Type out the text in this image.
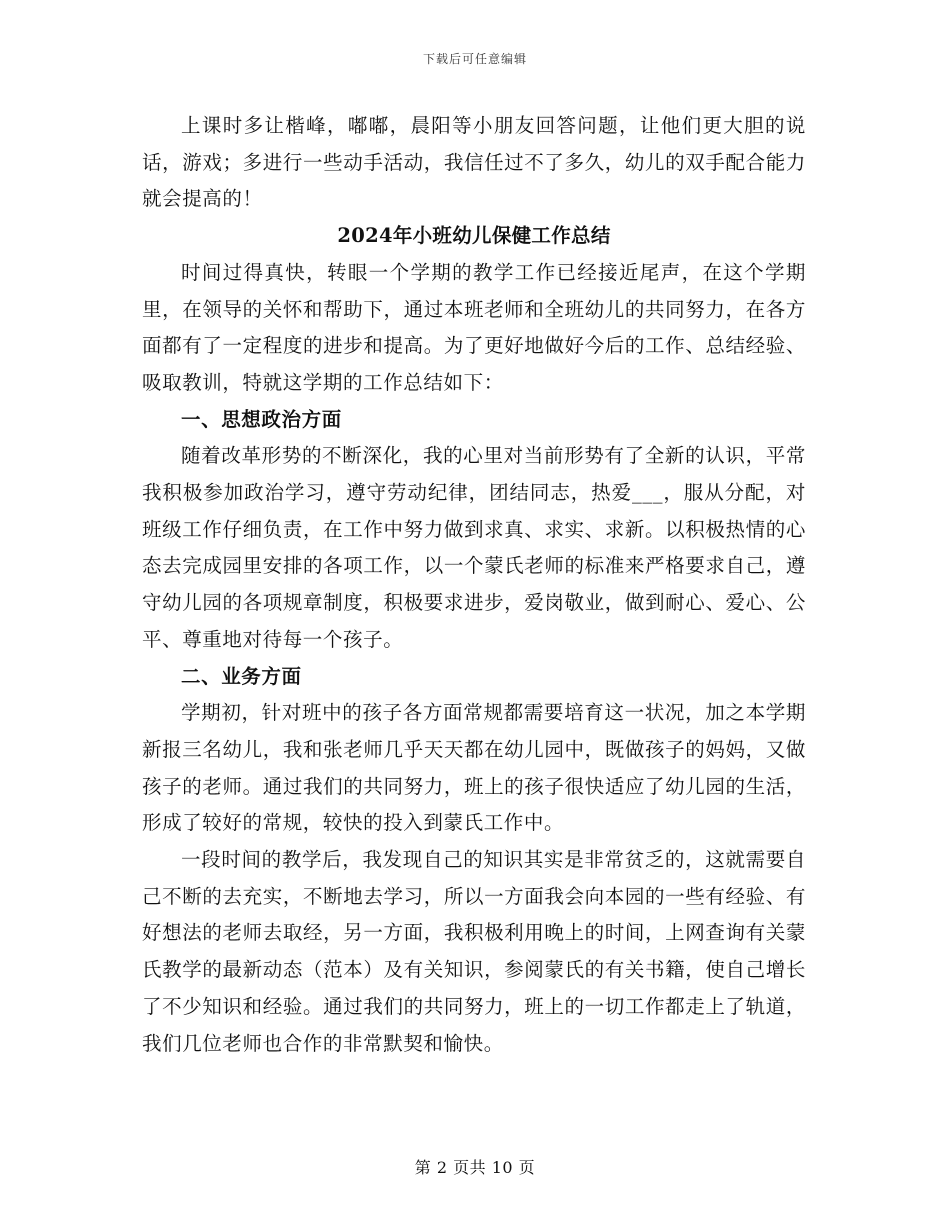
下载后可任意编辑

上课时多让楷峰，嘟嘟，晨阳等小朋友回答问题，让他们更大胆的说话，游戏；多进行一些动手活动，我信任过不了多久，幼儿的双手配合能力就会提高的！

2024年小班幼儿保健工作总结

时间过得真快，转眼一个学期的教学工作已经接近尾声，在这个学期里，在领导的关怀和帮助下，通过本班老师和全班幼儿的共同努力，在各方面都有了一定程度的进步和提高。为了更好地做好今后的工作、总结经验、吸取教训，特就这学期的工作总结如下：

一、思想政治方面

随着改革形势的不断深化，我的心里对当前形势有了全新的认识，平常我积极参加政治学习，遵守劳动纪律，团结同志，热爱___，服从分配，对班级工作仔细负责，在工作中努力做到求真、求实、求新。以积极热情的心态去完成园里安排的各项工作，以一个蒙氏老师的标准来严格要求自己，遵守幼儿园的各项规章制度，积极要求进步，爱岗敬业，做到耐心、爱心、公平、尊重地对待每一个孩子。

二、业务方面

学期初，针对班中的孩子各方面常规都需要培育这一状况，加之本学期新报三名幼儿，我和张老师几乎天天都在幼儿园中，既做孩子的妈妈，又做孩子的老师。通过我们的共同努力，班上的孩子很快适应了幼儿园的生活，形成了较好的常规，较快的投入到蒙氏工作中。

一段时间的教学后，我发现自己的知识其实是非常贫乏的，这就需要自己不断的去充实，不断地去学习，所以一方面我会向本园的一些有经验、有好想法的老师去取经，另一方面，我积极利用晚上的时间，上网查询有关蒙氏教学的最新动态（范本）及有关知识，参阅蒙氏的有关书籍，使自己增长了不少知识和经验。通过我们的共同努力，班上的一切工作都走上了轨道，我们几位老师也合作的非常默契和愉快。

第 2 页共 10 页
